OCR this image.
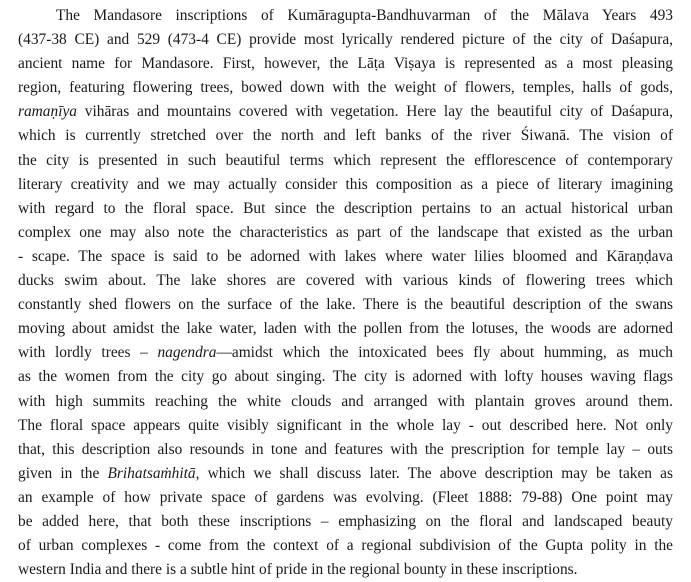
The Mandasore inscriptions of Kumāragupta-Bandhuvarman of the Mālava Years 493
(437-38 CE) and 529 (473-4 CE) provide most lyrically rendered picture of the city of Daśapura,
ancient name for Mandasore. First, however, the Lāṭa Viṣaya is represented as a most pleasing
region, featuring flowering trees, bowed down with the weight of flowers, temples, halls of gods,
ramaṇīya vihāras and mountains covered with vegetation. Here lay the beautiful city of Daśapura,
which is currently stretched over the north and left banks of the river Śiwanā. The vision of
the city is presented in such beautiful terms which represent the efflorescence of contemporary
literary creativity and we may actually consider this composition as a piece of literary imagining
with regard to the floral space. But since the description pertains to an actual historical urban
complex one may also note the characteristics as part of the landscape that existed as the urban
- scape. The space is said to be adorned with lakes where water lilies bloomed and Kāraṇḍava
ducks swim about. The lake shores are covered with various kinds of flowering trees which
constantly shed flowers on the surface of the lake. There is the beautiful description of the swans
moving about amidst the lake water, laden with the pollen from the lotuses, the woods are adorned
with lordly trees – nagendra—amidst which the intoxicated bees fly about humming, as much
as the women from the city go about singing. The city is adorned with lofty houses waving flags
with high summits reaching the white clouds and arranged with plantain groves around them.
The floral space appears quite visibly significant in the whole lay - out described here. Not only
that, this description also resounds in tone and features with the prescription for temple lay – outs
given in the Brihatsaṁhitā, which we shall discuss later. The above description may be taken as
an example of how private space of gardens was evolving. (Fleet 1888: 79-88) One point may
be added here, that both these inscriptions – emphasizing on the floral and landscaped beauty
of urban complexes - come from the context of a regional subdivision of the Gupta polity in the
western India and there is a subtle hint of pride in the regional bounty in these inscriptions.
